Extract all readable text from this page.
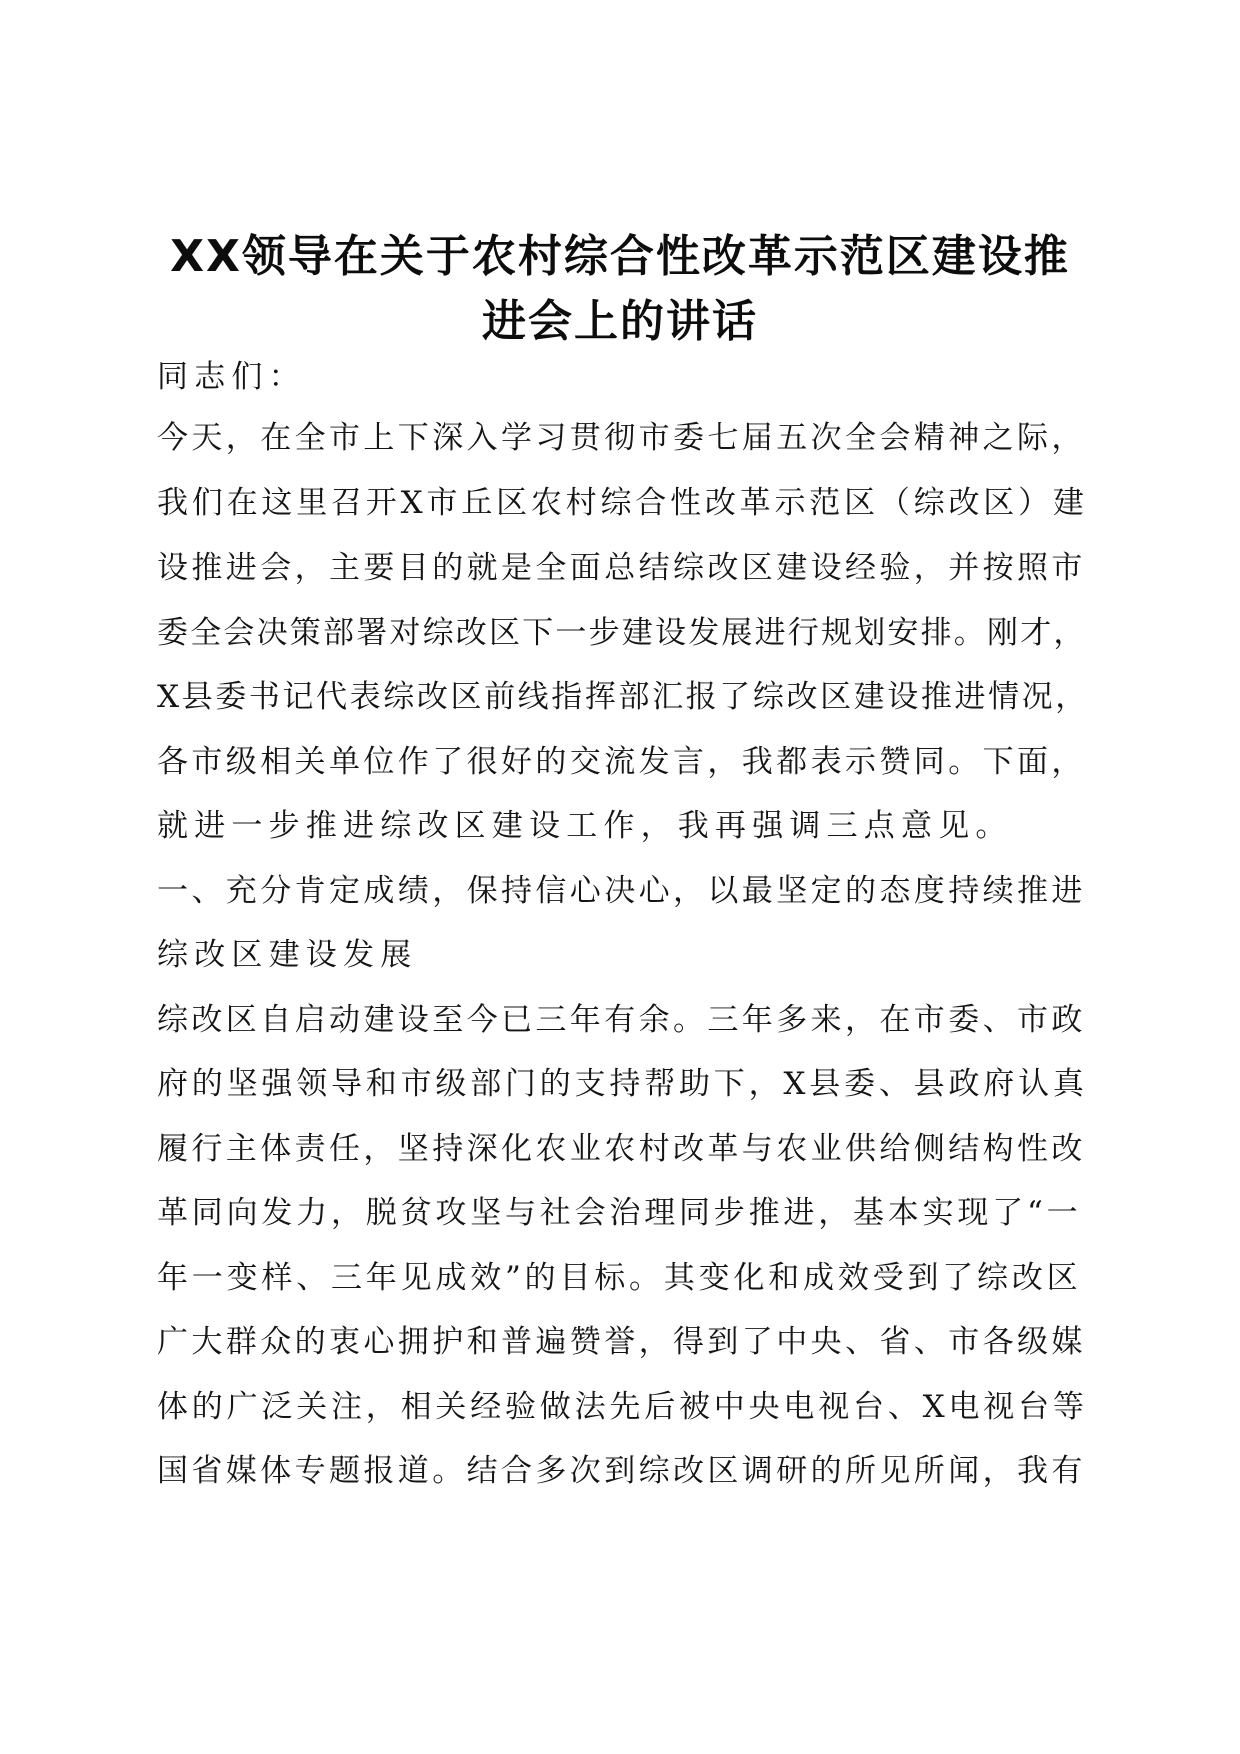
XX领导在关于农村综合性改革示范区建设推
进会上的讲话
同志们：
今天，在全市上下深入学习贯彻市委七届五次全会精神之际，
我们在这里召开X市丘区农村综合性改革示范区（综改区）建
设推进会，主要目的就是全面总结综改区建设经验，并按照市
委全会决策部署对综改区下一步建设发展进行规划安排。刚才，
X县委书记代表综改区前线指挥部汇报了综改区建设推进情况，
各市级相关单位作了很好的交流发言，我都表示赞同。下面，
就进一步推进综改区建设工作，我再强调三点意见。
一、充分肯定成绩，保持信心决心，以最坚定的态度持续推进
综改区建设发展
综改区自启动建设至今已三年有余。三年多来，在市委、市政
府的坚强领导和市级部门的支持帮助下，X县委、县政府认真
履行主体责任，坚持深化农业农村改革与农业供给侧结构性改
革同向发力，脱贫攻坚与社会治理同步推进，基本实现了“一
年一变样、三年见成效”的目标。其变化和成效受到了综改区
广大群众的衷心拥护和普遍赞誉，得到了中央、省、市各级媒
体的广泛关注，相关经验做法先后被中央电视台、X电视台等
国省媒体专题报道。结合多次到综改区调研的所见所闻，我有
